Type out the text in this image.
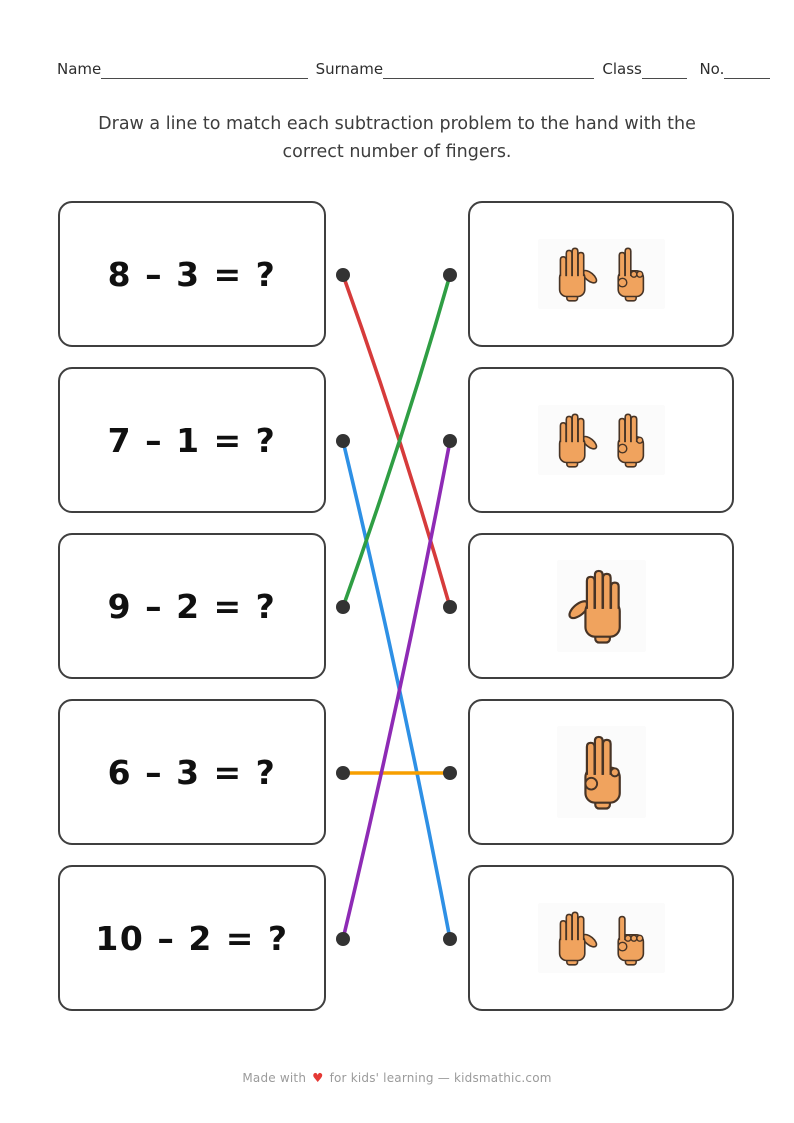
Name	Surname	Class	No.
Draw a line to match each subtraction problem to the hand with the
correct number of fingers.
8 – 3 = ?
7 – 1 = ?
9 – 2 = ?
6 – 3 = ?
10 – 2 = ?
Made with ♥ for kids' learning — kidsmathic.com
